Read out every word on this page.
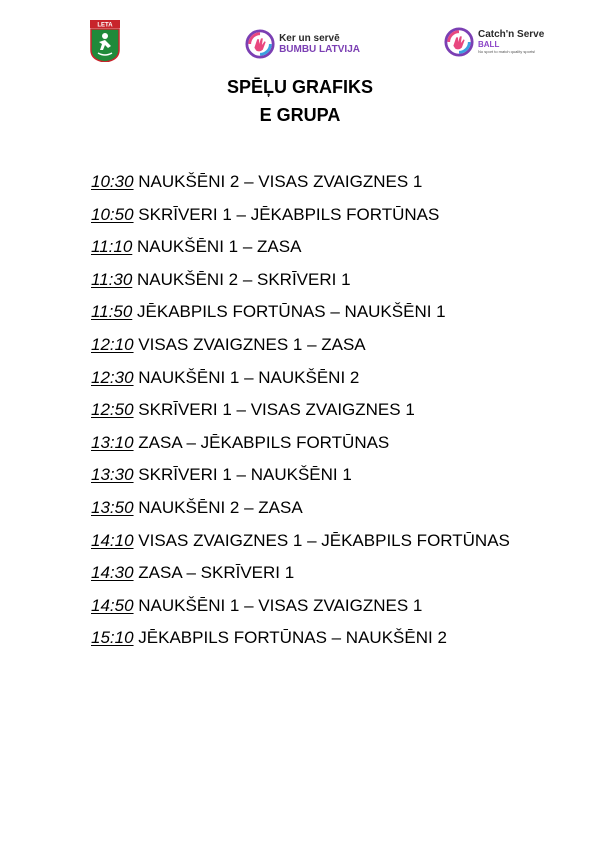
LETA
Ker un servē
BUMBU LATVIJA
Catch'n Serve
BALL
No sport to match quality sports!
SPĒĻU GRAFIKS
E GRUPA
10:30 NAUKŠĒNI 2 – VISAS ZVAIGZNES 1
10:50 SKRĪVERI 1 – JĒKABPILS FORTŪNAS
11:10 NAUKŠĒNI 1 – ZASA
11:30 NAUKŠĒNI 2 – SKRĪVERI 1
11:50 JĒKABPILS FORTŪNAS – NAUKŠĒNI 1
12:10 VISAS ZVAIGZNES 1 – ZASA
12:30 NAUKŠĒNI 1 – NAUKŠĒNI 2
12:50 SKRĪVERI 1 – VISAS ZVAIGZNES 1
13:10 ZASA – JĒKABPILS FORTŪNAS
13:30 SKRĪVERI 1 – NAUKŠĒNI 1
13:50 NAUKŠĒNI 2 – ZASA
14:10 VISAS ZVAIGZNES 1 – JĒKABPILS FORTŪNAS
14:30 ZASA – SKRĪVERI 1
14:50 NAUKŠĒNI 1 – VISAS ZVAIGZNES 1
15:10 JĒKABPILS FORTŪNAS – NAUKŠĒNI 2
